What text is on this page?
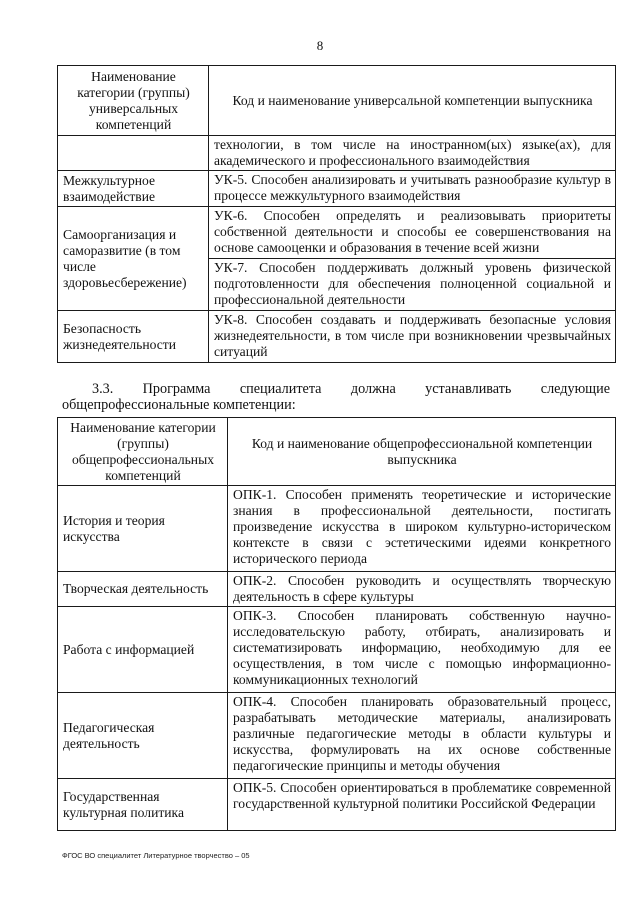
8
Наименование категории (группы) универсальных компетенций	Код и наименование универсальной компетенции выпускника
	технологии, в том числе на иностранном(ых) языке(ах), для академического и профессионального взаимодействия
Межкультурное взаимодействие	УК-5. Способен анализировать и учитывать разнообразие культур в процессе межкультурного взаимодействия
Самоорганизация и саморазвитие (в том числе здоровьесбережение)	УК-6. Способен определять и реализовывать приоритеты собственной деятельности и способы ее совершенствования на основе самооценки и образования в течение всей жизни
	УК-7. Способен поддерживать должный уровень физической подготовленности для обеспечения полноценной социальной и профессиональной деятельности
Безопасность жизнедеятельности	УК-8. Способен создавать и поддерживать безопасные условия жизнедеятельности, в том числе при возникновении чрезвычайных ситуаций
3.3. Программа специалитета должна устанавливать следующие
общепрофессиональные компетенции:
Наименование категории (группы) общепрофессиональных компетенций	Код и наименование общепрофессиональной компетенции выпускника
История и теория искусства	ОПК-1. Способен применять теоретические и исторические знания в профессиональной деятельности, постигать произведение искусства в широком культурно-историческом контексте в связи с эстетическими идеями конкретного исторического периода
Творческая деятельность	ОПК-2. Способен руководить и осуществлять творческую деятельность в сфере культуры
Работа с информацией	ОПК-3. Способен планировать собственную научно-исследовательскую работу, отбирать, анализировать и систематизировать информацию, необходимую для ее осуществления, в том числе с помощью информационно-коммуникационных технологий
Педагогическая деятельность	ОПК-4. Способен планировать образовательный процесс, разрабатывать методические материалы, анализировать различные педагогические методы в области культуры и искусства, формулировать на их основе собственные педагогические принципы и методы обучения
Государственная культурная политика	ОПК-5. Способен ориентироваться в проблематике современной государственной культурной политики Российской Федерации
ФГОС ВО специалитет Литературное творчество – 05
